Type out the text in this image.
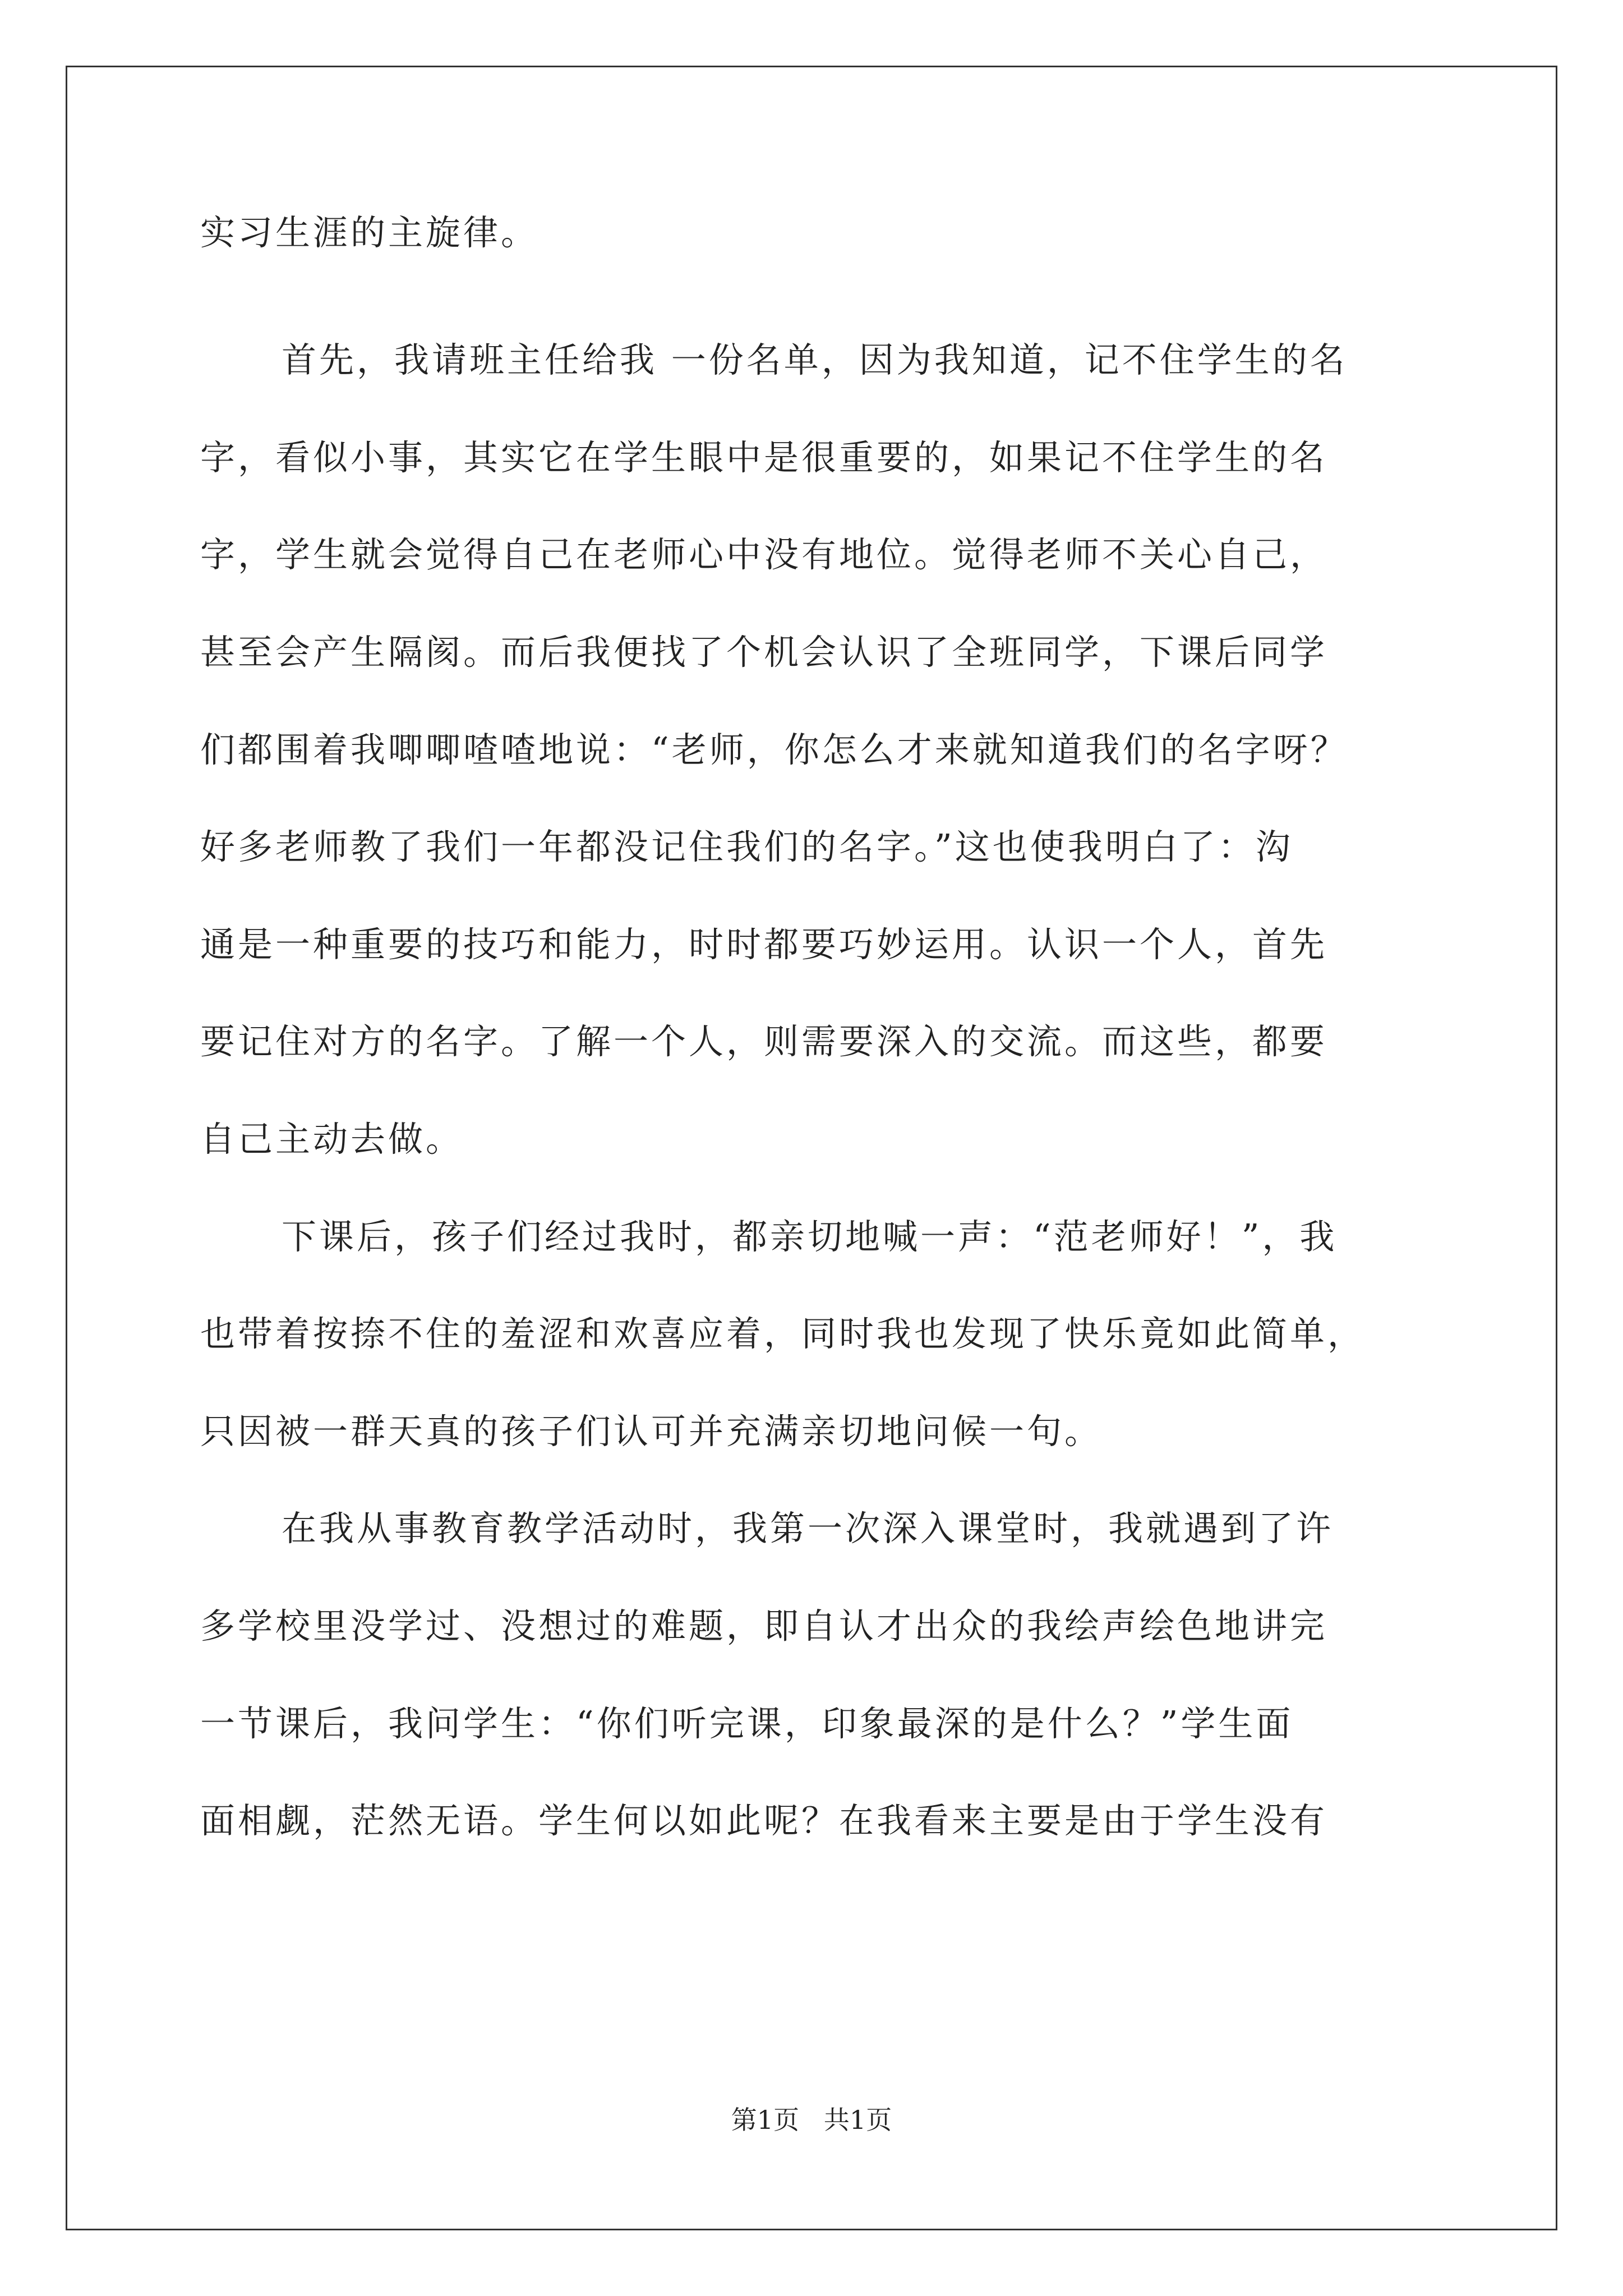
实习生涯的主旋律。
首先，我请班主任给我 一份名单，因为我知道，记不住学生的名
字，看似小事，其实它在学生眼中是很重要的，如果记不住学生的名
字，学生就会觉得自己在老师心中没有地位。觉得老师不关心自己，
甚至会产生隔阂。而后我便找了个机会认识了全班同学，下课后同学
们都围着我唧唧喳喳地说：“老师，你怎么才来就知道我们的名字呀？
好多老师教了我们一年都没记住我们的名字。”这也使我明白了：沟
通是一种重要的技巧和能力，时时都要巧妙运用。认识一个人，首先
要记住对方的名字。了解一个人，则需要深入的交流。而这些，都要
自己主动去做。
下课后，孩子们经过我时，都亲切地喊一声：“范老师好！”，我
也带着按捺不住的羞涩和欢喜应着，同时我也发现了快乐竟如此简单，
只因被一群天真的孩子们认可并充满亲切地问候一句。
在我从事教育教学活动时，我第一次深入课堂时，我就遇到了许
多学校里没学过、没想过的难题，即自认才出众的我绘声绘色地讲完
一节课后，我问学生：“你们听完课，印象最深的是什么？”学生面
面相觑，茫然无语。学生何以如此呢？在我看来主要是由于学生没有
第1页   共1页
